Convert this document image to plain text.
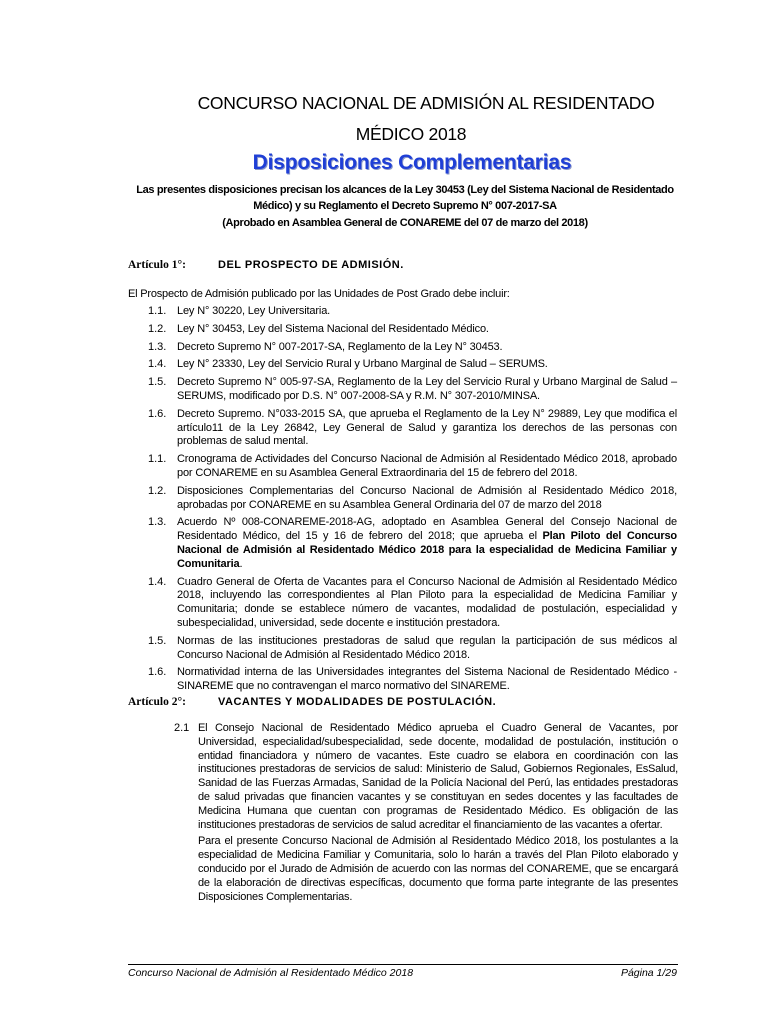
CONCURSO NACIONAL DE ADMISIÓN AL RESIDENTADO
MÉDICO 2018
Disposiciones Complementarias
Las presentes disposiciones precisan los alcances de la Ley 30453 (Ley del Sistema Nacional de Residentado Médico) y su Reglamento el Decreto Supremo N° 007-2017-SA
(Aprobado en Asamblea General de CONAREME del 07 de marzo del 2018)
Artículo 1°:	DEL PROSPECTO DE ADMISIÓN.
El Prospecto de Admisión publicado por las Unidades de Post Grado debe incluir:
1.1. Ley N° 30220, Ley Universitaria.
1.2. Ley N° 30453, Ley del Sistema Nacional del Residentado Médico.
1.3. Decreto Supremo N° 007-2017-SA, Reglamento de la Ley N° 30453.
1.4. Ley N° 23330, Ley del Servicio Rural y Urbano Marginal de Salud – SERUMS.
1.5. Decreto Supremo N° 005-97-SA, Reglamento de la Ley del Servicio Rural y Urbano Marginal de Salud – SERUMS, modificado por D.S. N° 007-2008-SA y R.M. N° 307-2010/MINSA.
1.6. Decreto Supremo. N°033-2015 SA, que aprueba el Reglamento de la Ley N° 29889, Ley que modifica el artículo11 de la Ley 26842, Ley General de Salud y garantiza los derechos de las personas con problemas de salud mental.
1.1. Cronograma de Actividades del Concurso Nacional de Admisión al Residentado Médico 2018, aprobado por CONAREME en su Asamblea General Extraordinaria del 15 de febrero del 2018.
1.2. Disposiciones Complementarias del Concurso Nacional de Admisión al Residentado Médico 2018, aprobadas por CONAREME en su Asamblea General Ordinaria del 07 de marzo del 2018
1.3. Acuerdo Nº 008-CONAREME-2018-AG, adoptado en Asamblea General del Consejo Nacional de Residentado Médico, del 15 y 16 de febrero del 2018; que aprueba el Plan Piloto del Concurso Nacional de Admisión al Residentado Médico 2018 para la especialidad de Medicina Familiar y Comunitaria.
1.4. Cuadro General de Oferta de Vacantes para el Concurso Nacional de Admisión al Residentado Médico 2018, incluyendo las correspondientes al Plan Piloto para la especialidad de Medicina Familiar y Comunitaria; donde se establece número de vacantes, modalidad de postulación, especialidad y subespecialidad, universidad, sede docente e institución prestadora.
1.5. Normas de las instituciones prestadoras de salud que regulan la participación de sus médicos al Concurso Nacional de Admisión al Residentado Médico 2018.
1.6. Normatividad interna de las Universidades integrantes del Sistema Nacional de Residentado Médico - SINAREME que no contravengan el marco normativo del SINAREME.
Artículo 2°:	VACANTES Y MODALIDADES DE POSTULACIÓN.
2.1 El Consejo Nacional de Residentado Médico aprueba el Cuadro General de Vacantes, por Universidad, especialidad/subespecialidad, sede docente, modalidad de postulación, institución o entidad financiadora y número de vacantes. Este cuadro se elabora en coordinación con las instituciones prestadoras de servicios de salud: Ministerio de Salud, Gobiernos Regionales, EsSalud, Sanidad de las Fuerzas Armadas, Sanidad de la Policía Nacional del Perú, las entidades prestadoras de salud privadas que financien vacantes y se constituyan en sedes docentes y las facultades de Medicina Humana que cuentan con programas de Residentado Médico. Es obligación de las instituciones prestadoras de servicios de salud acreditar el financiamiento de las vacantes a ofertar.
Para el presente Concurso Nacional de Admisión al Residentado Médico 2018, los postulantes a la especialidad de Medicina Familiar y Comunitaria, solo lo harán a través del Plan Piloto elaborado y conducido por el Jurado de Admisión de acuerdo con las normas del CONAREME, que se encargará de la elaboración de directivas específicas, documento que forma parte integrante de las presentes Disposiciones Complementarias.
Concurso Nacional de Admisión al Residentado Médico 2018	Página 1/29
